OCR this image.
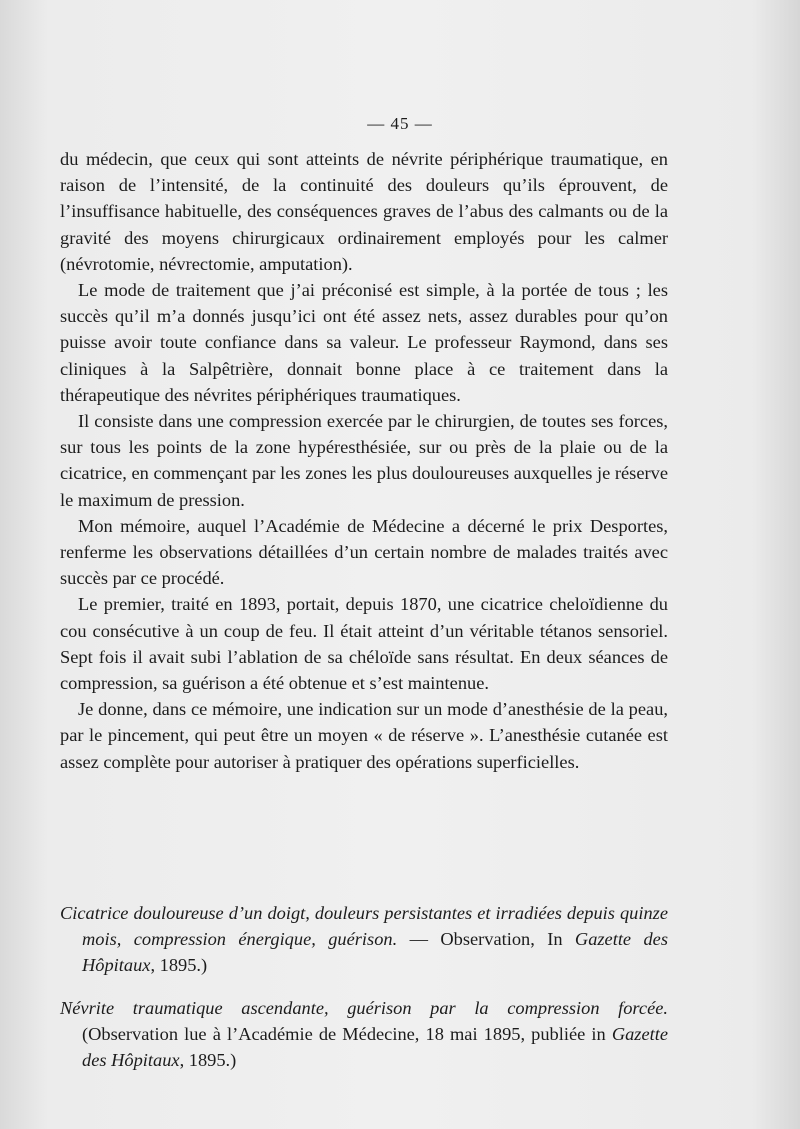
— 45 —

du médecin, que ceux qui sont atteints de névrite périphérique traumatique, en raison de l’intensité, de la continuité des douleurs qu’ils éprouvent, de l’insuffisance habituelle, des conséquences graves de l’abus des calmants ou de la gravité des moyens chirurgicaux ordinairement employés pour les calmer (névrotomie, névrectomie, amputation).

Le mode de traitement que j’ai préconisé est simple, à la portée de tous ; les succès qu’il m’a donnés jusqu’ici ont été assez nets, assez durables pour qu’on puisse avoir toute confiance dans sa valeur. Le professeur Raymond, dans ses cliniques à la Salpêtrière, donnait bonne place à ce traitement dans la thérapeutique des névrites périphériques traumatiques.

Il consiste dans une compression exercée par le chirurgien, de toutes ses forces, sur tous les points de la zone hypéresthésiée, sur ou près de la plaie ou de la cicatrice, en commençant par les zones les plus douloureuses auxquelles je réserve le maximum de pression.

Mon mémoire, auquel l’Académie de Médecine a décerné le prix Desportes, renferme les observations détaillées d’un certain nombre de malades traités avec succès par ce procédé.

Le premier, traité en 1893, portait, depuis 1870, une cicatrice cheloïdienne du cou consécutive à un coup de feu. Il était atteint d’un véritable tétanos sensoriel. Sept fois il avait subi l’ablation de sa chéloïde sans résultat. En deux séances de compression, sa guérison a été obtenue et s’est maintenue.

Je donne, dans ce mémoire, une indication sur un mode d’anesthésie de la peau, par le pincement, qui peut être un moyen « de réserve ». L’anesthésie cutanée est assez complète pour autoriser à pratiquer des opérations superficielles.

Cicatrice douloureuse d’un doigt, douleurs persistantes et irradiées depuis quinze mois, compression énergique, guérison. — Observation, In Gazette des Hôpitaux, 1895.)

Névrite traumatique ascendante, guérison par la compression forcée. (Observation lue à l’Académie de Médecine, 18 mai 1895, publiée in Gazette des Hôpitaux, 1895.)
